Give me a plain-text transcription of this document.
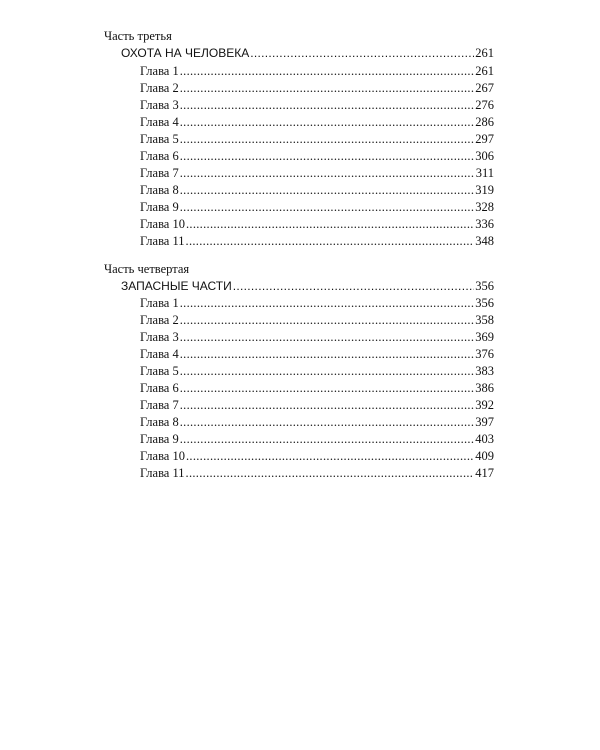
Часть третья
ОХОТА НА ЧЕЛОВЕКА .....	261
Глава 1 .....	261
Глава 2 .....	267
Глава 3 .....	276
Глава 4 .....	286
Глава 5 .....	297
Глава 6 .....	306
Глава 7 .....	311
Глава 8 .....	319
Глава 9 .....	328
Глава 10 .....	336
Глава 11 .....	348
Часть четвертая
ЗАПАСНЫЕ ЧАСТИ .....	356
Глава 1 .....	356
Глава 2 .....	358
Глава 3 .....	369
Глава 4 .....	376
Глава 5 .....	383
Глава 6 .....	386
Глава 7 .....	392
Глава 8 .....	397
Глава 9 .....	403
Глава 10 .....	409
Глава 11 .....	417
